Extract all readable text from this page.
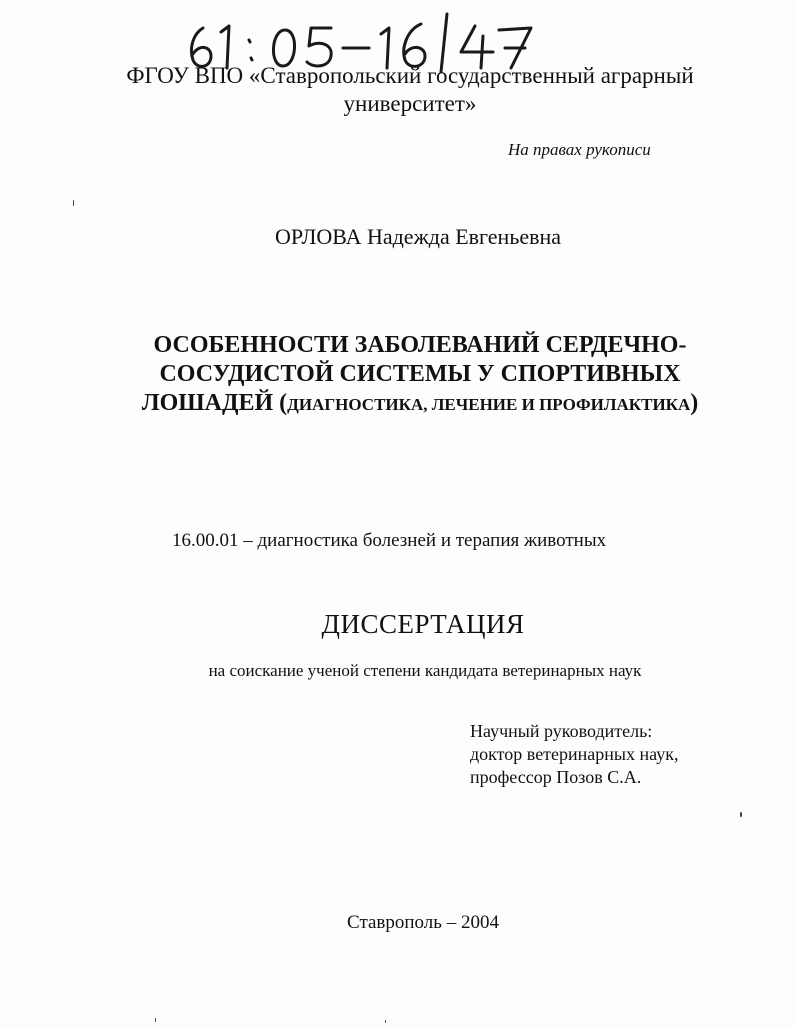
ФГОУ ВПО «Ставропольский государственный аграрный
университет»
На правах рукописи
ОРЛОВА Надежда Евгеньевна
ОСОБЕННОСТИ ЗАБОЛЕВАНИЙ СЕРДЕЧНО-
СОСУДИСТОЙ СИСТЕМЫ У СПОРТИВНЫХ
ЛОШАДЕЙ (ДИАГНОСТИКА, ЛЕЧЕНИЕ И ПРОФИЛАКТИКА)
16.00.01 – диагностика болезней и терапия животных
ДИССЕРТАЦИЯ
на соискание ученой степени кандидата ветеринарных наук
Научный руководитель:
доктор ветеринарных наук,
профессор Позов С.А.
Ставрополь – 2004
